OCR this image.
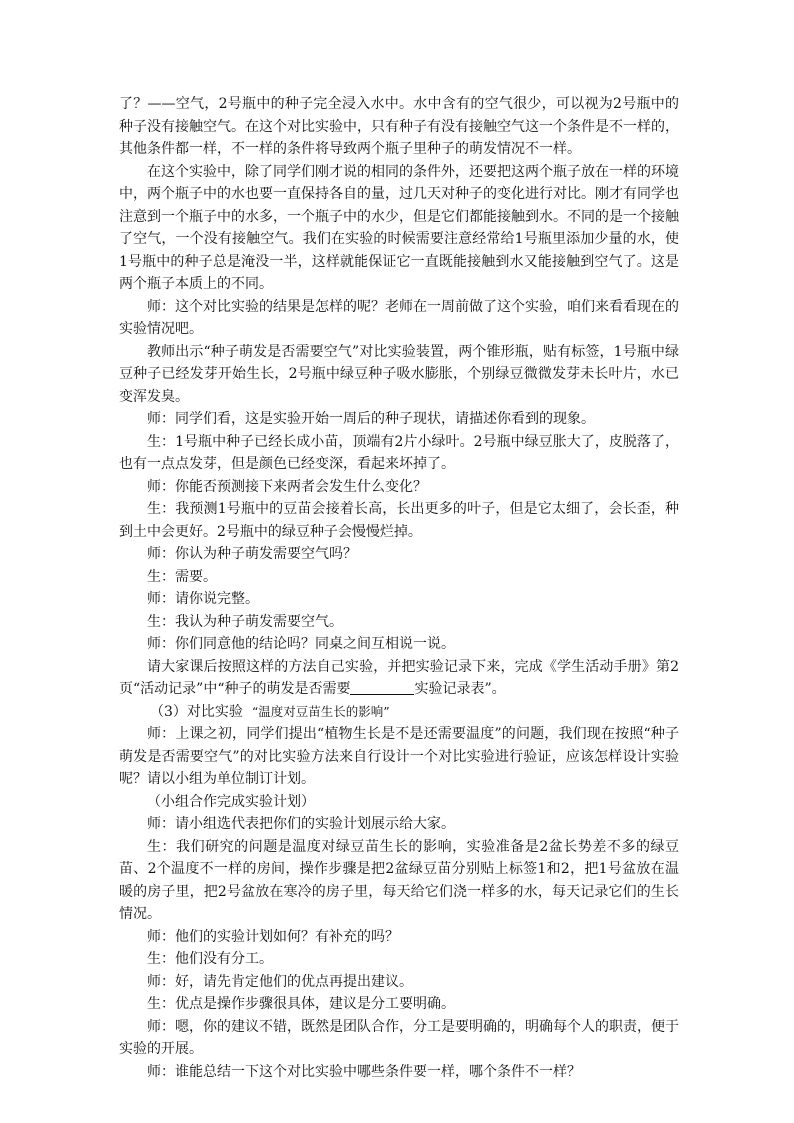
了？——空气，2号瓶中的种子完全浸入水中。水中含有的空气很少，可以视为2号瓶中的种子没有接触空气。在这个对比实验中，只有种子有没有接触空气这一个条件是不一样的，其他条件都一样，不一样的条件将导致两个瓶子里种子的萌发情况不一样。

在这个实验中，除了同学们刚才说的相同的条件外，还要把这两个瓶子放在一样的环境中，两个瓶子中的水也要一直保持各自的量，过几天对种子的变化进行对比。刚才有同学也注意到一个瓶子中的水多，一个瓶子中的水少，但是它们都能接触到水。不同的是一个接触了空气，一个没有接触空气。我们在实验的时候需要注意经常给1号瓶里添加少量的水，使1号瓶中的种子总是淹没一半，这样就能保证它一直既能接触到水又能接触到空气了。这是两个瓶子本质上的不同。

师：这个对比实验的结果是怎样的呢？老师在一周前做了这个实验，咱们来看看现在的实验情况吧。

教师出示“种子萌发是否需要空气”对比实验装置，两个锥形瓶，贴有标签，1号瓶中绿豆种子已经发芽开始生长，2号瓶中绿豆种子吸水膨胀，个别绿豆微微发芽未长叶片，水已变浑发臭。

师：同学们看，这是实验开始一周后的种子现状，请描述你看到的现象。

生：1号瓶中种子已经长成小苗，顶端有2片小绿叶。2号瓶中绿豆胀大了，皮脱落了，也有一点点发芽，但是颜色已经变深，看起来坏掉了。

师：你能否预测接下来两者会发生什么变化？

生：我预测1号瓶中的豆苗会接着长高，长出更多的叶子，但是它太细了，会长歪，种到土中会更好。2号瓶中的绿豆种子会慢慢烂掉。

师：你认为种子萌发需要空气吗？

生：需要。

师：请你说完整。

生：我认为种子萌发需要空气。

师：你们同意他的结论吗？同桌之间互相说一说。

请大家课后按照这样的方法自己实验，并把实验记录下来，完成《学生活动手册》第2页“活动记录”中“种子的萌发是否需要	实验记录表”。

（3）对比实验 “温度对豆苗生长的影响”

师：上课之初，同学们提出“植物生长是不是还需要温度”的问题，我们现在按照“种子萌发是否需要空气”的对比实验方法来自行设计一个对比实验进行验证，应该怎样设计实验呢？请以小组为单位制订计划。

（小组合作完成实验计划）

师：请小组选代表把你们的实验计划展示给大家。

生：我们研究的问题是温度对绿豆苗生长的影响，实验准备是2盆长势差不多的绿豆苗、2个温度不一样的房间，操作步骤是把2盆绿豆苗分别贴上标签1和2，把1号盆放在温暖的房子里，把2号盆放在寒冷的房子里，每天给它们浇一样多的水，每天记录它们的生长情况。

师：他们的实验计划如何？有补充的吗？

生：他们没有分工。

师：好，请先肯定他们的优点再提出建议。

生：优点是操作步骤很具体，建议是分工要明确。

师：嗯，你的建议不错，既然是团队合作，分工是要明确的，明确每个人的职责，便于实验的开展。

师：谁能总结一下这个对比实验中哪些条件要一样，哪个条件不一样？
